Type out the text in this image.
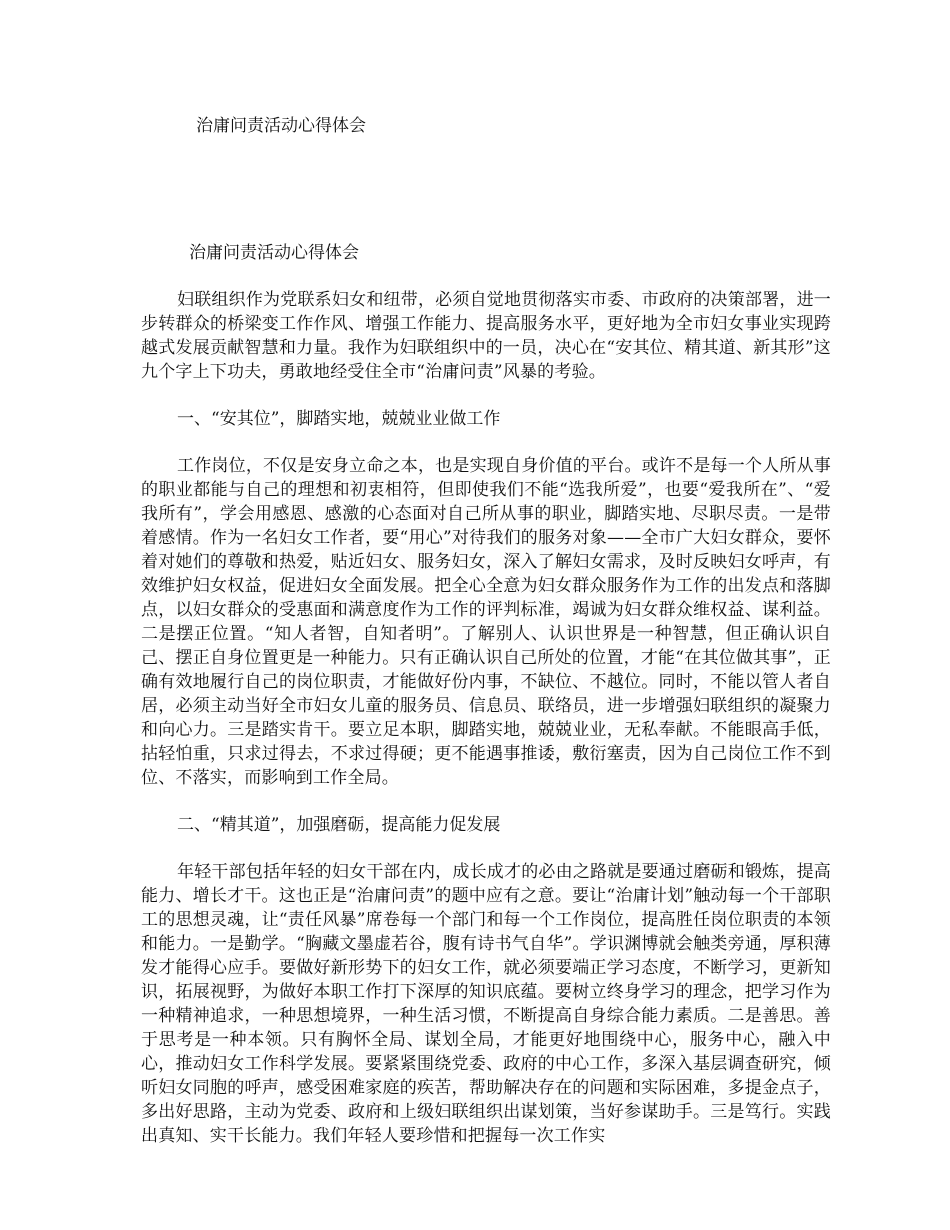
治庸问责活动心得体会
治庸问责活动心得体会

妇联组织作为党联系妇女和纽带，必须自觉地贯彻落实市委、市政府的决策部署，进一步转群众的桥梁变工作作风、增强工作能力、提高服务水平，更好地为全市妇女事业实现跨越式发展贡献智慧和力量。我作为妇联组织中的一员，决心在“安其位、精其道、新其形”这九个字上下功夫，勇敢地经受住全市“治庸问责”风暴的考验。

一、“安其位”，脚踏实地，兢兢业业做工作

工作岗位，不仅是安身立命之本，也是实现自身价值的平台。或许不是每一个人所从事的职业都能与自己的理想和初衷相符，但即使我们不能“选我所爱”，也要“爱我所在”、“爱我所有”，学会用感恩、感激的心态面对自己所从事的职业，脚踏实地、尽职尽责。一是带着感情。作为一名妇女工作者，要“用心”对待我们的服务对象——全市广大妇女群众，要怀着对她们的尊敬和热爱，贴近妇女、服务妇女，深入了解妇女需求，及时反映妇女呼声，有效维护妇女权益，促进妇女全面发展。把全心全意为妇女群众服务作为工作的出发点和落脚点，以妇女群众的受惠面和满意度作为工作的评判标准，竭诚为妇女群众维权益、谋利益。二是摆正位置。“知人者智，自知者明”。了解别人、认识世界是一种智慧，但正确认识自己、摆正自身位置更是一种能力。只有正确认识自己所处的位置，才能“在其位做其事”，正确有效地履行自己的岗位职责，才能做好份内事，不缺位、不越位。同时，不能以管人者自居，必须主动当好全市妇女儿童的服务员、信息员、联络员，进一步增强妇联组织的凝聚力和向心力。三是踏实肯干。要立足本职，脚踏实地，兢兢业业，无私奉献。不能眼高手低，拈轻怕重，只求过得去，不求过得硬；更不能遇事推诿，敷衍塞责，因为自己岗位工作不到位、不落实，而影响到工作全局。

二、“精其道”，加强磨砺，提高能力促发展

年轻干部包括年轻的妇女干部在内，成长成才的必由之路就是要通过磨砺和锻炼，提高能力、增长才干。这也正是“治庸问责”的题中应有之意。要让“治庸计划”触动每一个干部职工的思想灵魂，让“责任风暴”席卷每一个部门和每一个工作岗位，提高胜任岗位职责的本领和能力。一是勤学。“胸藏文墨虚若谷，腹有诗书气自华”。学识渊博就会触类旁通，厚积薄发才能得心应手。要做好新形势下的妇女工作，就必须要端正学习态度，不断学习，更新知识，拓展视野，为做好本职工作打下深厚的知识底蕴。要树立终身学习的理念，把学习作为一种精神追求，一种思想境界，一种生活习惯，不断提高自身综合能力素质。二是善思。善于思考是一种本领。只有胸怀全局、谋划全局，才能更好地围绕中心，服务中心，融入中心，推动妇女工作科学发展。要紧紧围绕党委、政府的中心工作，多深入基层调查研究，倾听妇女同胞的呼声，感受困难家庭的疾苦，帮助解决存在的问题和实际困难，多提金点子，多出好思路，主动为党委、政府和上级妇联组织出谋划策，当好参谋助手。三是笃行。实践出真知、实干长能力。我们年轻人要珍惜和把握每一次工作实
